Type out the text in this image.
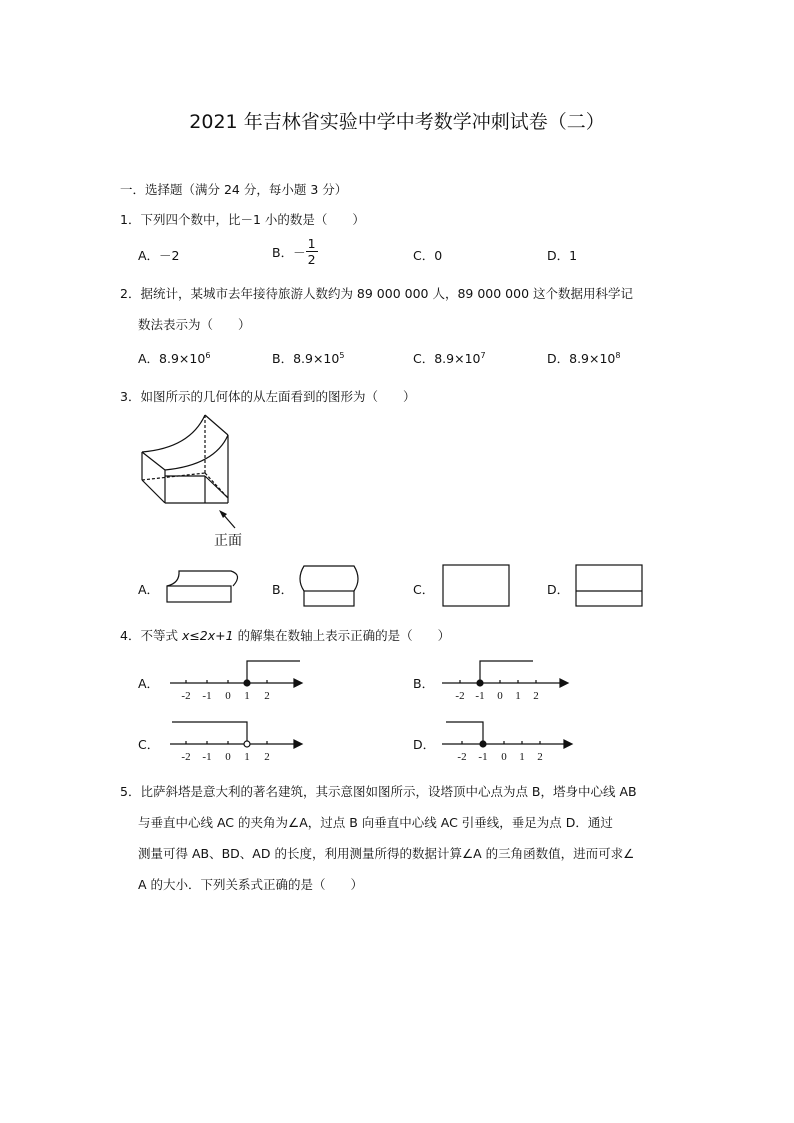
2021 年吉林省实验中学中考数学冲刺试卷（二）
一．选择题（满分 24 分，每小题 3 分）
1．下列四个数中，比－1 小的数是（　　）
A．－2	B．－ $\frac{1}{2}$	C．0	D．1
2．据统计，某城市去年接待旅游人数约为 89 000 000 人，89 000 000 这个数据用科学记
数法表示为（　　）
A．$8.9\times 10^6$	B．$8.9\times 10^5$	C．$8.9\times 10^7$	D．$8.9\times 10^8$
3．如图所示的几何体的从左面看到的图形为（　　）
正面
A．	B．	C．	D．
4．不等式 x≤2x+1 的解集在数轴上表示正确的是（　　）
A．
-2 -1 0 1 2
B．
-2 -1 0 1 2
C．
-2 -1 0 1 2
D．
-2 -1 0 1 2
5．比萨斜塔是意大利的著名建筑，其示意图如图所示，设塔顶中心点为点 B，塔身中心线 AB
与垂直中心线 AC 的夹角为∠A，过点 B 向垂直中心线 AC 引垂线，垂足为点 D．通过
测量可得 AB、BD、AD 的长度，利用测量所得的数据计算∠A 的三角函数值，进而可求∠
A 的大小．下列关系式正确的是（　　）
